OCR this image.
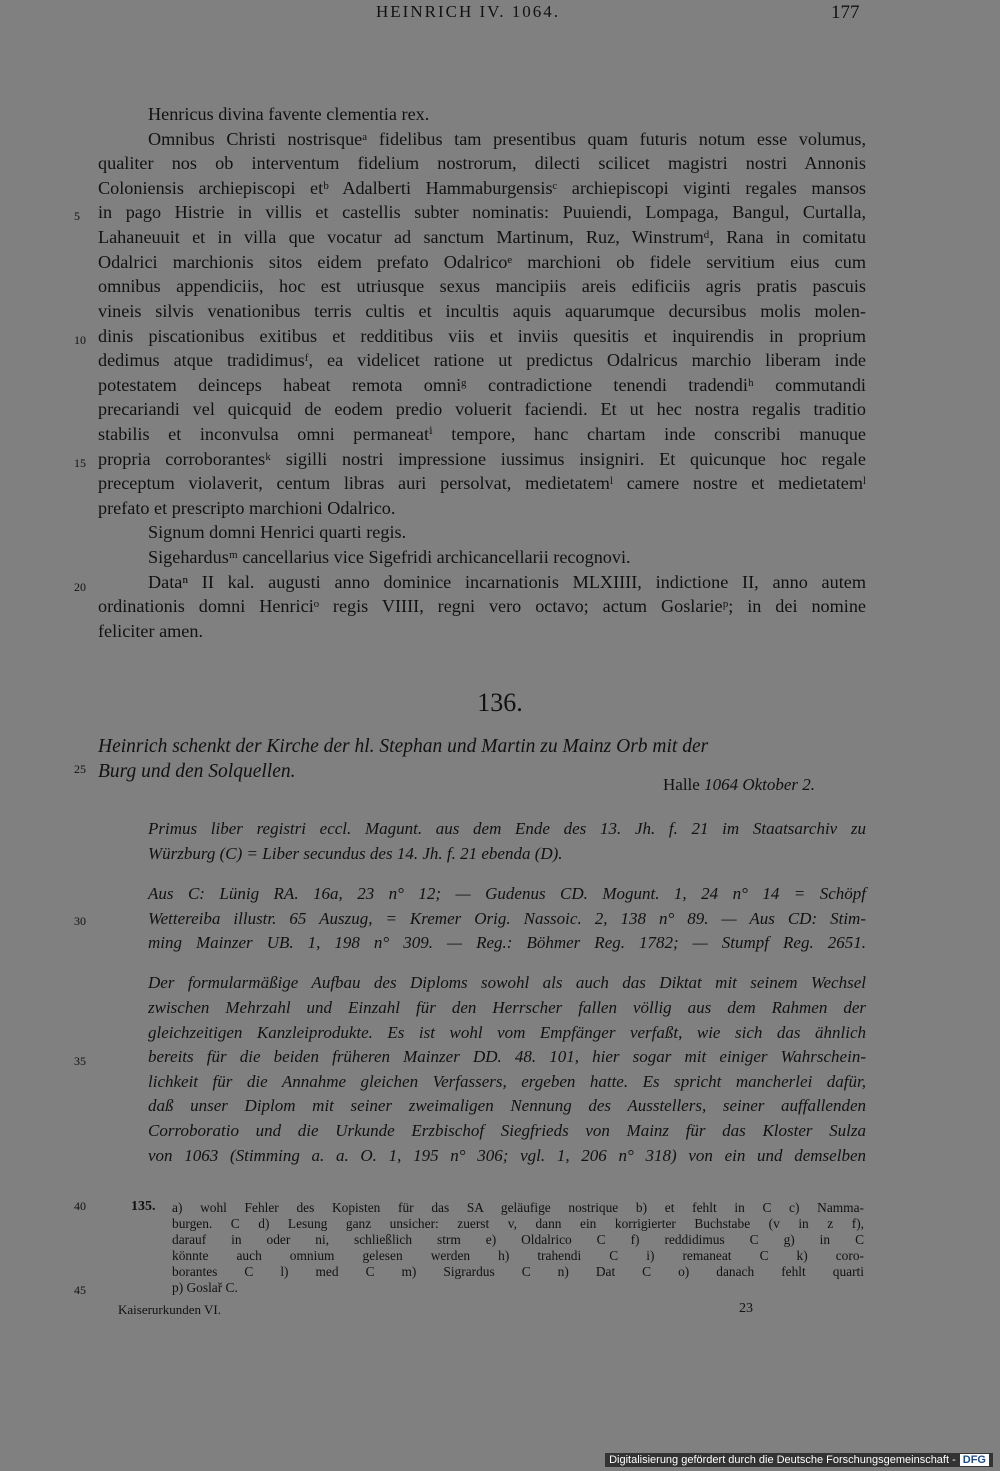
HEINRICH IV. 1064.	177
Henricus divina favente clementia rex.
Omnibus Christi nostrisqueᵃ fidelibus tam presentibus quam futuris notum esse volumus,
qualiter nos ob interventum fidelium nostrorum, dilecti scilicet magistri nostri Annonis
Coloniensis archiepiscopi etᵇ Adalberti Hammaburgensisᶜ archiepiscopi viginti regales mansos
in pago Histrie in villis et castellis subter nominatis: Puuiendi, Lompaga, Bangul, Curtalla,
Lahaneuuit et in villa que vocatur ad sanctum Martinum, Ruz, Winstrumᵈ, Rana in comitatu
Odalrici marchionis sitos eidem prefato Odalricoᵉ marchioni ob fidele servitium eius cum
omnibus appendiciis, hoc est utriusque sexus mancipiis areis edificiis agris pratis pascuis
vineis silvis venationibus terris cultis et incultis aquis aquarumque decursibus molis molen-
dinis piscationibus exitibus et redditibus viis et inviis quesitis et inquirendis in proprium
dedimus atque tradidimusᶠ, ea videlicet ratione ut predictus Odalricus marchio liberam inde
potestatem deinceps habeat remota omniᵍ contradictione tenendi tradendiʰ commutandi
precariandi vel quicquid de eodem predio voluerit faciendi. Et ut hec nostra regalis traditio
stabilis et inconvulsa omni permaneatⁱ tempore, hanc chartam inde conscribi manuque
propria corroborantesᵏ sigilli nostri impressione iussimus insigniri. Et quicunque hoc regale
preceptum violaverit, centum libras auri persolvat, medietatemˡ camere nostre et medietatemˡ
prefato et prescripto marchioni Odalrico.
Signum domni Henrici quarti regis.
Sigehardusᵐ cancellarius vice Sigefridi archicancellarii recognovi.
Dataⁿ II kal. augusti anno dominice incarnationis MLXIIII, indictione II, anno autem
ordinationis domni Henriciᵒ regis VIIII, regni vero octavo; actum Goslarieᵖ; in dei nomine
feliciter amen.
5
10
15
20
25
30
35
40
45
136.
Heinrich schenkt der Kirche der hl. Stephan und Martin zu Mainz Orb mit der
Burg und den Solquellen.
Halle 1064 Oktober 2.
Primus liber registri eccl. Magunt. aus dem Ende des 13. Jh. f. 21 im Staatsarchiv zu
Würzburg (C) = Liber secundus des 14. Jh. f. 21 ebenda (D).
Aus C: Lünig RA. 16a, 23 n° 12; — Gudenus CD. Mogunt. 1, 24 n° 14 = Schöpf
Wettereiba illustr. 65 Auszug, = Kremer Orig. Nassoic. 2, 138 n° 89. — Aus CD: Stim-
ming Mainzer UB. 1, 198 n° 309. — Reg.: Böhmer Reg. 1782; — Stumpf Reg. 2651.
Der formularmäßige Aufbau des Diploms sowohl als auch das Diktat mit seinem Wechsel
zwischen Mehrzahl und Einzahl für den Herrscher fallen völlig aus dem Rahmen der
gleichzeitigen Kanzleiprodukte. Es ist wohl vom Empfänger verfaßt, wie sich das ähnlich
bereits für die beiden früheren Mainzer DD. 48. 101, hier sogar mit einiger Wahrschein-
lichkeit für die Annahme gleichen Verfassers, ergeben hatte. Es spricht mancherlei dafür,
daß unser Diplom mit seiner zweimaligen Nennung des Ausstellers, seiner auffallenden
Corroboratio und die Urkunde Erzbischof Siegfrieds von Mainz für das Kloster Sulza
von 1063 (Stimming a. a. O. 1, 195 n° 306; vgl. 1, 206 n° 318) von ein und demselben
135. a) wohl Fehler des Kopisten für das SA geläufige nostrique b) et fehlt in C c) Namma-
burgen. C d) Lesung ganz unsicher: zuerst v, dann ein korrigierter Buchstabe (v in z f),
darauf in oder ni, schließlich strm e) Oldalrico C f) reddidimus C g) in C
könnte auch omnium gelesen werden h) trahendi C i) remaneat C k) coro-
borantes C l) med C m) Sigrardus C n) Dat C o) danach fehlt quarti
p) Goslař C.
Kaiserurkunden VI.	23
Digitalisierung gefördert durch die Deutsche Forschungsgemeinschaft - DFG
